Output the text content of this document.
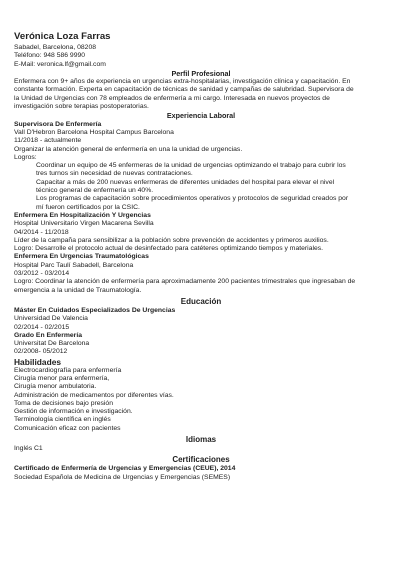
Verónica Loza Farras
Sabadel, Barcelona, 08208
Teléfono: 948 586 9990
E-Mail: veronica.lf@gmail.com
Perfil Profesional
Enfermera con 9+ años de experiencia en urgencias extra-hospitalarias, investigación clínica y capacitación. En
constante formación. Experta en capacitación de técnicas de sanidad y campañas de salubridad. Supervisora de
la Unidad de Urgencias con 78 empleados de enfermería a mi cargo. Interesada en nuevos proyectos de
investigación sobre terapias postoperatorias.
Experiencia Laboral
Supervisora De Enfermería
Vall D'Hebron Barcelona Hospital Campus Barcelona
11/2018 - actualmente
Organizar la atención general de enfermería en una la unidad de urgencias.
Logros:
Coordinar un equipo de 45 enfermeras de la unidad de urgencias optimizando el trabajo para cubrir los
tres turnos sin necesidad de nuevas contrataciones.
Capacitar a más de 200 nuevas enfermeras de diferentes unidades del hospital para elevar el nivel
técnico general de enfermería un 40%.
Los programas de capacitación sobre procedimientos operativos y protocolos de seguridad creados por
mí fueron certificados por la CSIC.
Enfermera En Hospitalización Y Urgencias
Hospital Universitario Virgen Macarena Sevilla
04/2014 - 11/2018
Líder de la campaña para sensibilizar a la población sobre prevención de accidentes y primeros auxilios.
Logro: Desarrolle el protocolo actual de desinfectado para catéteres optimizando tiempos y materiales.
Enfermera En Urgencias Traumatológicas
Hospital Parc Taulí Sabadell, Barcelona
03/2012 - 03/2014
Logro: Coordinar la atención de enfermería para aproximadamente 200 pacientes trimestrales que ingresaban de
emergencia a la unidad de Traumatología.
Educación
Máster En Cuidados Especializados De Urgencias
Universidad De Valencia
02/2014 - 02/2015
Grado En Enfermería
Universitat De Barcelona
02/2008- 05/2012
Habilidades
Electrocardiografía para enfermería
Cirugía menor para enfermería,
Cirugía menor ambulatoria.
Administración de medicamentos por diferentes vías.
Toma de decisiones bajo presión
Gestión de información e investigación.
Terminología científica en inglés
Comunicación eficaz con pacientes
Idiomas
Inglés C1
Certificaciones
Certificado de Enfermería de Urgencias y Emergencias (CEUE), 2014
Sociedad Española de Medicina de Urgencias y Emergencias (SEMES)
